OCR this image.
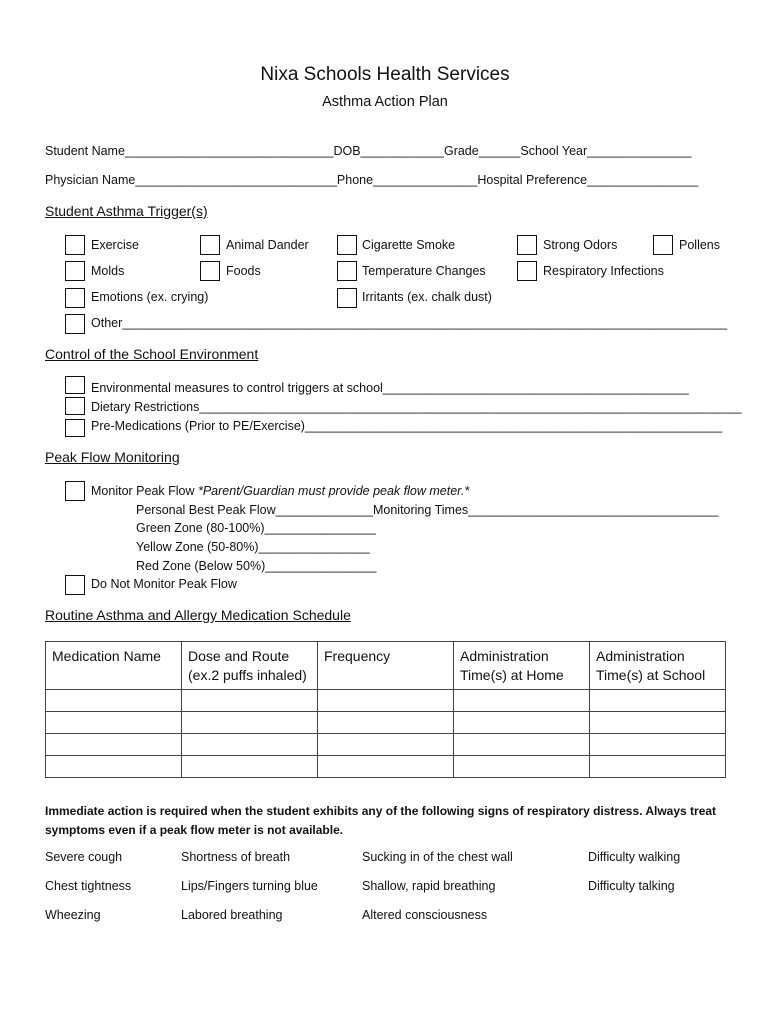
Nixa Schools Health Services
Asthma Action Plan
Student Name______________________________DOB____________Grade______School Year_______________
Physician Name_____________________________Phone_______________Hospital Preference________________
Student Asthma Trigger(s)
Exercise	Animal Dander	Cigarette Smoke	Strong Odors	Pollens
Molds	Foods	Temperature Changes	Respiratory Infections
Emotions (ex. crying)	Irritants (ex. chalk dust)
Other_______________________________________________________________________________________
Control of the School Environment
Environmental measures to control triggers at school____________________________________________
Dietary Restrictions______________________________________________________________________________
Pre-Medications (Prior to PE/Exercise)____________________________________________________________
Peak Flow Monitoring
Monitor Peak Flow *Parent/Guardian must provide peak flow meter.*
Personal Best Peak Flow______________Monitoring Times____________________________________
Green Zone (80-100%)________________
Yellow Zone (50-80%)________________
Red Zone (Below 50%)________________
Do Not Monitor Peak Flow
Routine Asthma and Allergy Medication Schedule
Medication Name	Dose and Route (ex.2 puffs inhaled)	Frequency	Administration Time(s) at Home	Administration Time(s) at School

Immediate action is required when the student exhibits any of the following signs of respiratory distress. Always treat symptoms even if a peak flow meter is not available.
Severe cough	Shortness of breath	Sucking in of the chest wall	Difficulty walking
Chest tightness	Lips/Fingers turning blue	Shallow, rapid breathing	Difficulty talking
Wheezing	Labored breathing	Altered consciousness
